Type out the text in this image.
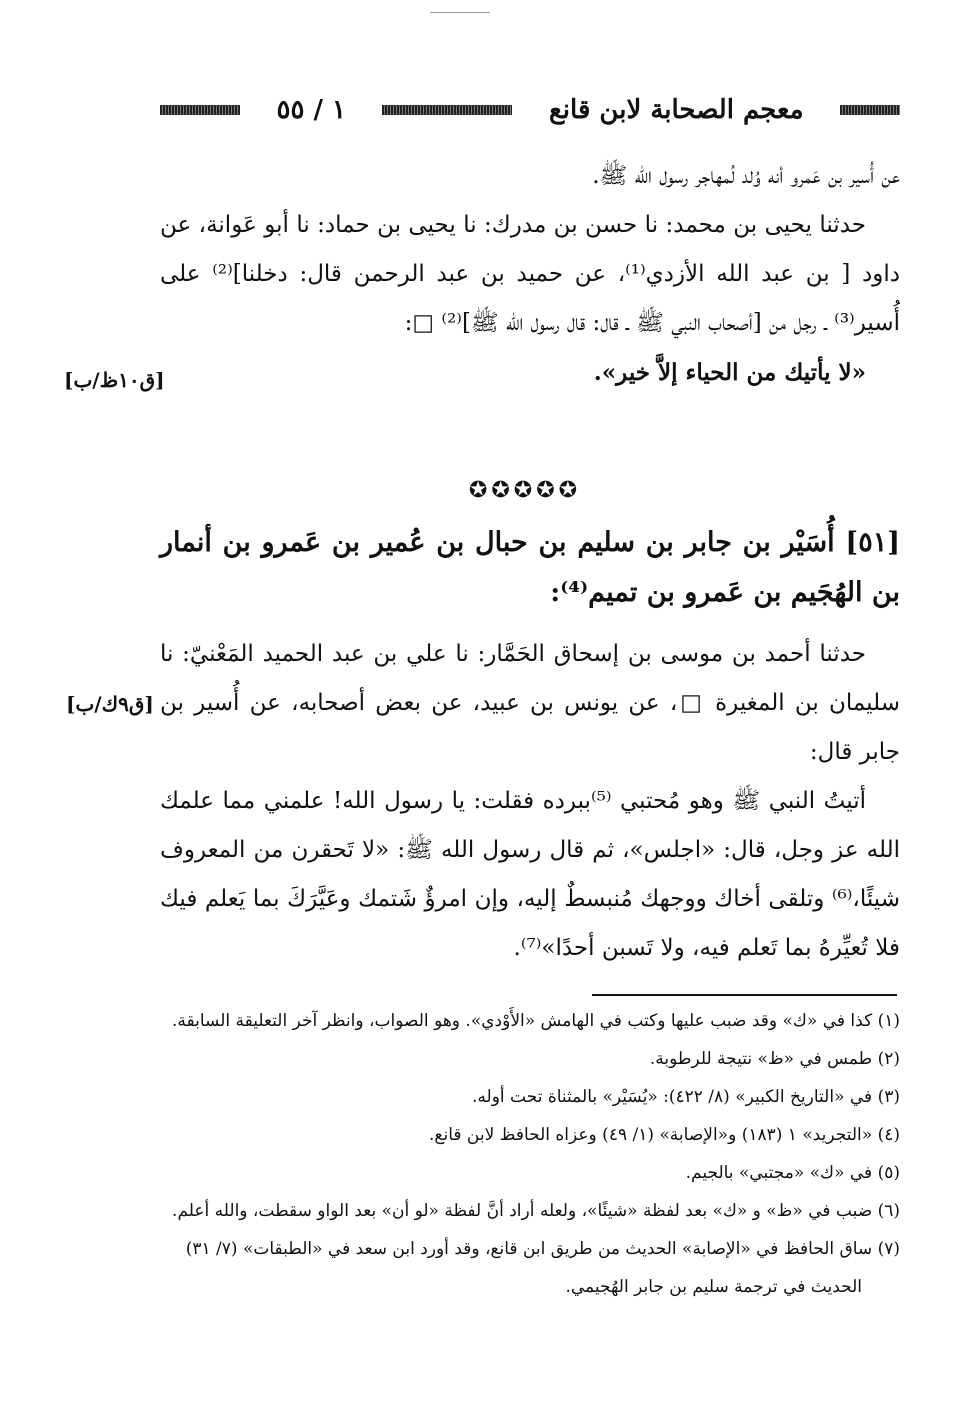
معجم الصحابة لابن قانع
١ / ٥٥

عن أُسير بن عَمرو أنه وُلد لُمهاجر رسول الله ﷺ.

حدثنا يحيى بن محمد: نا حسن بن مدرك: نا يحيى بن حماد: نا أبو عَوانة، عن داود [ بن عبد الله الأزدي⁽¹⁾، عن حميد بن عبد الرحمن قال: دخلنا]⁽²⁾ على أُسير⁽³⁾ ـ رجل من [أصحاب النبي ﷺ ـ قال: قال رسول الله ﷺ]⁽²⁾ □:

«لا يأتيك من الحياء إلاَّ خير».

[ق١٠ظ/ب]
✪✪✪✪✪
[٥١] أُسَيْر بن جابر بن سليم بن حبال بن عُمير بن عَمرو بن أنمار بن الهُجَيم بن عَمرو بن تميم⁽⁴⁾:

حدثنا أحمد بن موسى بن إسحاق الحَمَّار: نا علي بن عبد الحميد المَعْنيّ: نا سليمان بن المغيرة □، عن يونس بن عبيد، عن بعض أصحابه، عن أُسير بن جابر قال:

أتيتُ النبي ﷺ وهو مُحتبي ⁽⁵⁾ببرده فقلت: يا رسول الله! علمني مما علمك الله عز وجل، قال: «اجلس»، ثم قال رسول الله ﷺ: «لا تَحقرن من المعروف شيئًا،⁽⁶⁾ وتلقى أخاك ووجهك مُنبسطٌ إليه، وإن امرؤٌ شَتمك وعَيَّرَكَ بما يَعلم فيك فلا تُعيِّرهُ بما تَعلم فيه، ولا تَسبن أحدًا»⁽⁷⁾.

[ق٩ك/ب]

(١) كذا في «ك» وقد ضبب عليها وكتب في الهامش «الأَوْدي». وهو الصواب، وانظر آخر التعليقة السابقة.

(٢) طمس في «ظ» نتيجة للرطوبة.

(٣) في «التاريخ الكبير» (٨/ ٤٢٢): «يُسَيْر» بالمثناة تحت أوله.

(٤) «التجريد» ١ (١٨٣) و«الإصابة» (١/ ٤٩) وعزاه الحافظ لابن قانع.

(٥) في «ك» «مجتبي» بالجيم.

(٦) ضبب في «ظ» و «ك» بعد لفظة «شيئًا»، ولعله أراد أنَّ لفظة «لو أن» بعد الواو سقطت، والله أعلم.

(٧) ساق الحافظ في «الإصابة» الحديث من طريق ابن قانع، وقد أورد ابن سعد في «الطبقات» (٧/ ٣١) الحديث في ترجمة سليم بن جابر الهُجيمي.
